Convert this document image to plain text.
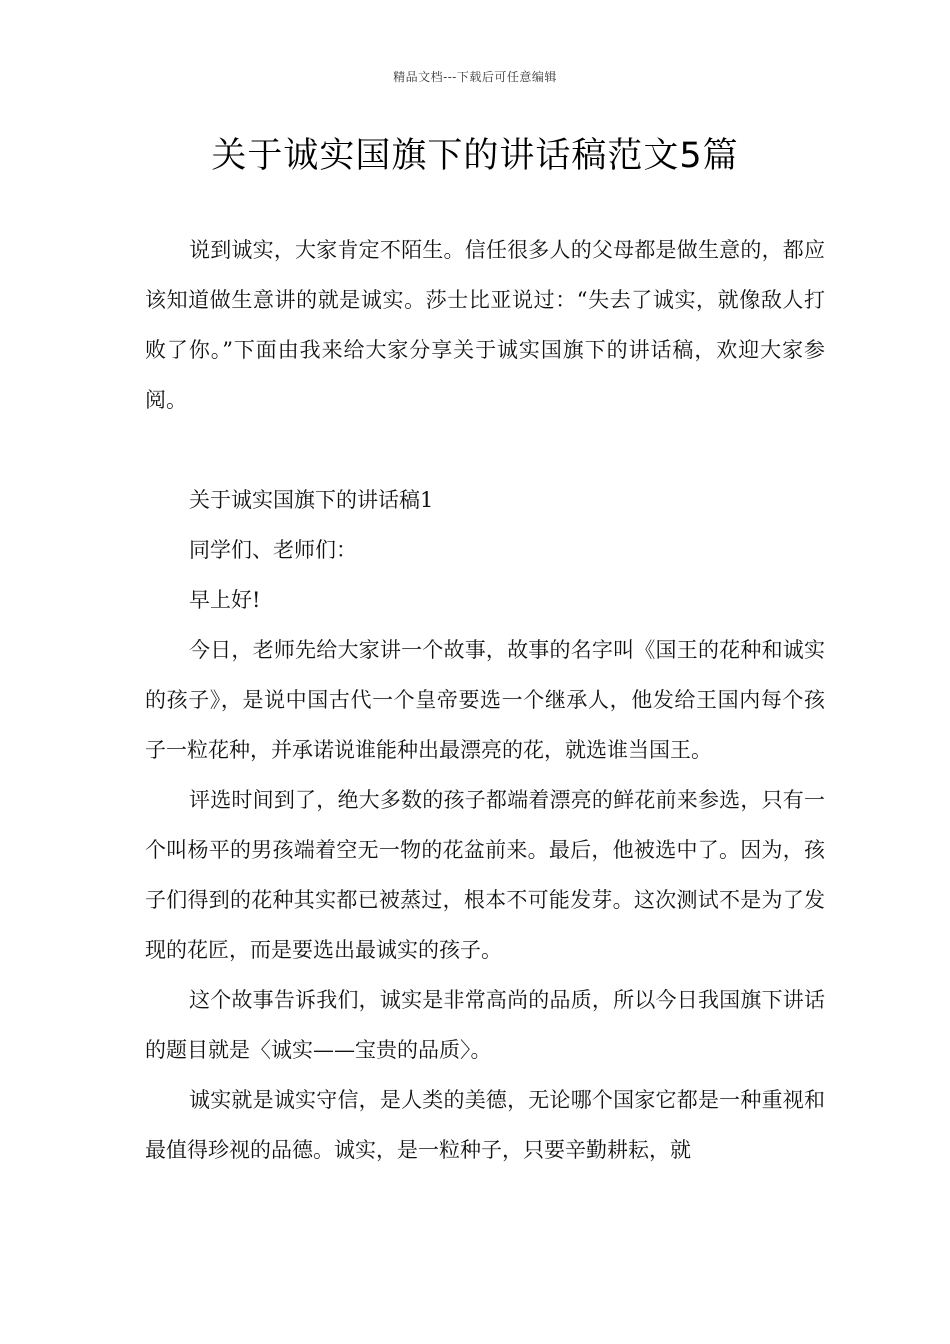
精品文档---下载后可任意编辑
关于诚实国旗下的讲话稿范文5篇

说到诚实，大家肯定不陌生。信任很多人的父母都是做生意的，都应该知道做生意讲的就是诚实。莎士比亚说过：“失去了诚实，就像敌人打败了你。”下面由我来给大家分享关于诚实国旗下的讲话稿，欢迎大家参阅。

关于诚实国旗下的讲话稿1

同学们、老师们：

早上好!

今日，老师先给大家讲一个故事，故事的名字叫《国王的花种和诚实的孩子》，是说中国古代一个皇帝要选一个继承人，他发给王国内每个孩子一粒花种，并承诺说谁能种出最漂亮的花，就选谁当国王。

评选时间到了，绝大多数的孩子都端着漂亮的鲜花前来参选，只有一个叫杨平的男孩端着空无一物的花盆前来。最后，他被选中了。因为，孩子们得到的花种其实都已被蒸过，根本不可能发芽。这次测试不是为了发现的花匠，而是要选出最诚实的孩子。

这个故事告诉我们，诚实是非常高尚的品质，所以今日我国旗下讲话的题目就是〈诚实——宝贵的品质〉。

诚实就是诚实守信，是人类的美德，无论哪个国家它都是一种重视和最值得珍视的品德。诚实，是一粒种子，只要辛勤耕耘，就
